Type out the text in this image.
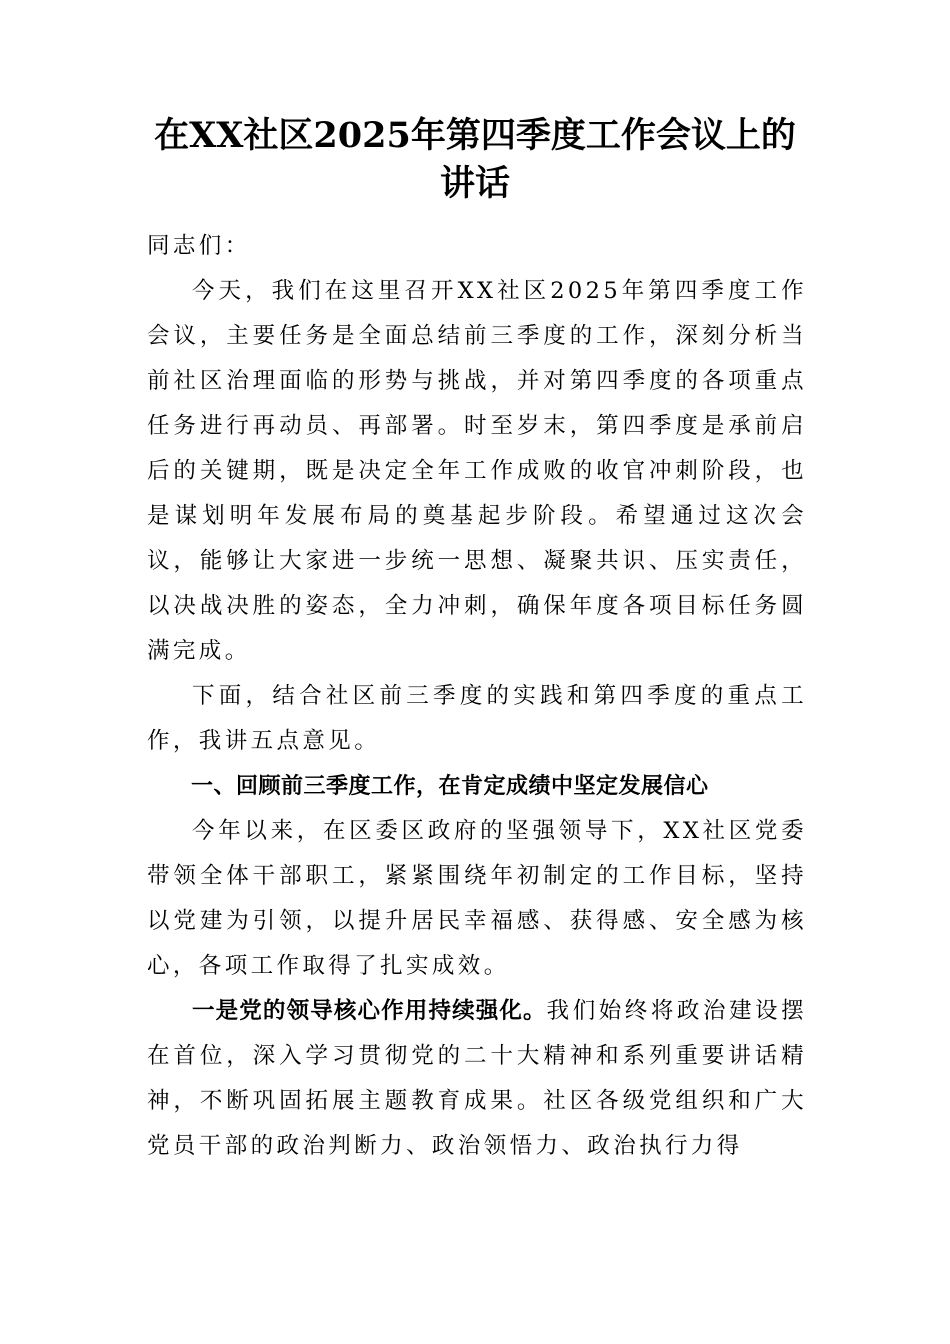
在XX社区2025年第四季度工作会议上的
讲话

同志们：

今天，我们在这里召开XX社区2025年第四季度工作会议，主要任务是全面总结前三季度的工作，深刻分析当前社区治理面临的形势与挑战，并对第四季度的各项重点任务进行再动员、再部署。时至岁末，第四季度是承前启后的关键期，既是决定全年工作成败的收官冲刺阶段，也是谋划明年发展布局的奠基起步阶段。希望通过这次会议，能够让大家进一步统一思想、凝聚共识、压实责任，以决战决胜的姿态，全力冲刺，确保年度各项目标任务圆满完成。

下面，结合社区前三季度的实践和第四季度的重点工作，我讲五点意见。

一、回顾前三季度工作，在肯定成绩中坚定发展信心

今年以来，在区委区政府的坚强领导下，XX社区党委带领全体干部职工，紧紧围绕年初制定的工作目标，坚持以党建为引领，以提升居民幸福感、获得感、安全感为核心，各项工作取得了扎实成效。

一是党的领导核心作用持续强化。我们始终将政治建设摆在首位，深入学习贯彻党的二十大精神和系列重要讲话精神，不断巩固拓展主题教育成果。社区各级党组织和广大党员干部的政治判断力、政治领悟力、政治执行力得
